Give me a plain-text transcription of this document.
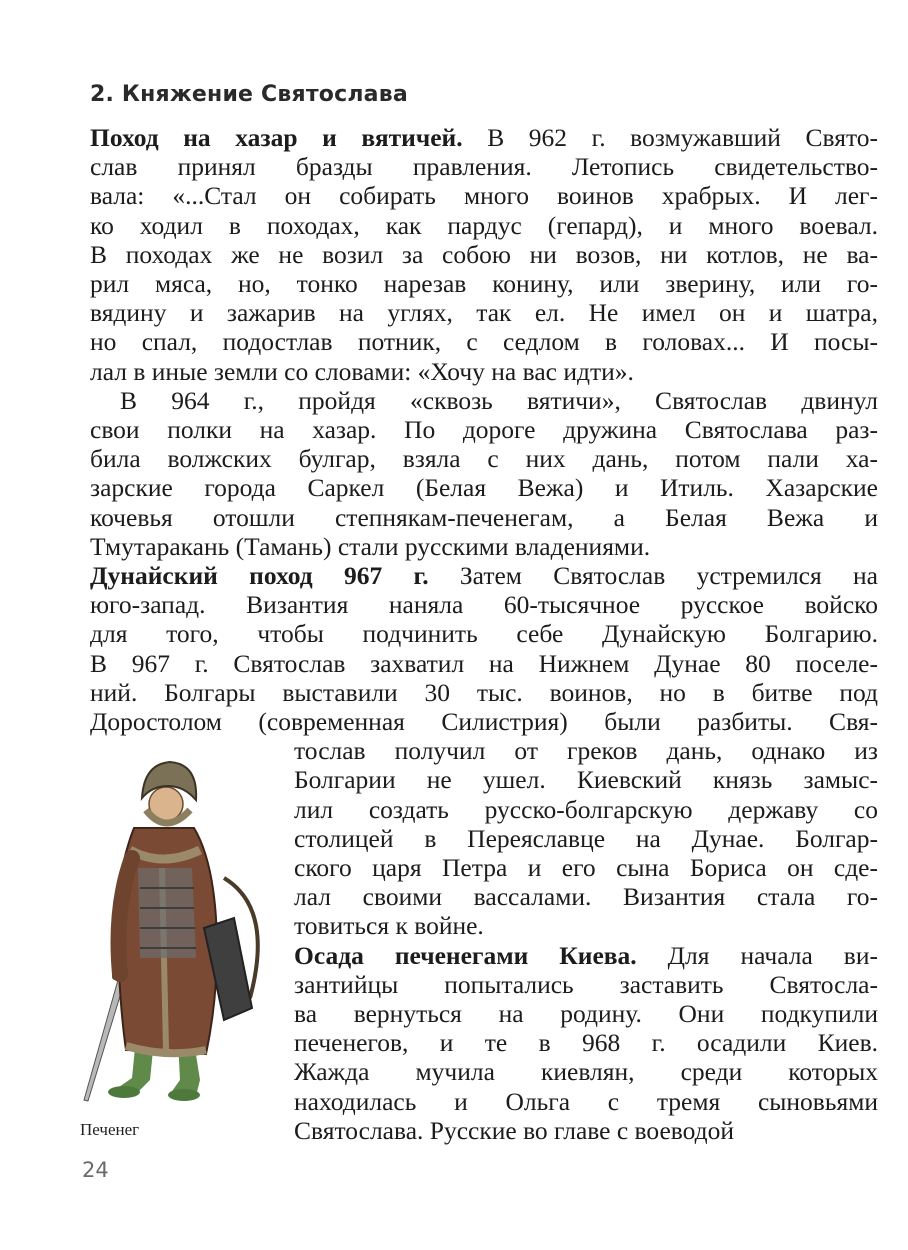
2. Княжение Святослава

Поход на хазар и вятичей. В 962 г. возмужавший Свято-

слав принял бразды правления. Летопись свидетельство-

вала: «...Стал он собирать много воинов храбрых. И лег-

ко ходил в походах, как пардус (гепард), и много воевал.

В походах же не возил за собою ни возов, ни котлов, не ва-

рил мяса, но, тонко нарезав конину, или зверину, или го-

вядину и зажарив на углях, так ел. Не имел он и шатра,

но спал, подостлав потник, с седлом в головах... И посы-

лал в иные земли со словами: «Хочу на вас идти».

В 964 г., пройдя «сквозь вятичи», Святослав двинул

свои полки на хазар. По дороге дружина Святослава раз-

била волжских булгар, взяла с них дань, потом пали ха-

зарские города Саркел (Белая Вежа) и Итиль. Хазарские

кочевья отошли степнякам-печенегам, а Белая Вежа и

Тмутаракань (Тамань) стали русскими владениями.

Дунайский поход 967 г. Затем Святослав устремился на

юго-запад. Византия наняла 60-тысячное русское войско

для того, чтобы подчинить себе Дунайскую Болгарию.

В 967 г. Святослав захватил на Нижнем Дунае 80 поселе-

ний. Болгары выставили 30 тыс. воинов, но в битве под

Доростолом (современная Силистрия) были разбиты. Свя-

тослав получил от греков дань, однако из

Болгарии не ушел. Киевский князь замыс-

лил создать русско-болгарскую державу со

столицей в Переяславце на Дунае. Болгар-

ского царя Петра и его сына Бориса он сде-

лал своими вассалами. Византия стала го-

товиться к войне.

Осада печенегами Киева. Для начала ви-

зантийцы попытались заставить Святосла-

ва вернуться на родину. Они подкупили

печенегов, и те в 968 г. осадили Киев.

Жажда мучила киевлян, среди которых

находилась и Ольга с тремя сыновьями

Святослава. Русские во главе с воеводой

Печенег
24
